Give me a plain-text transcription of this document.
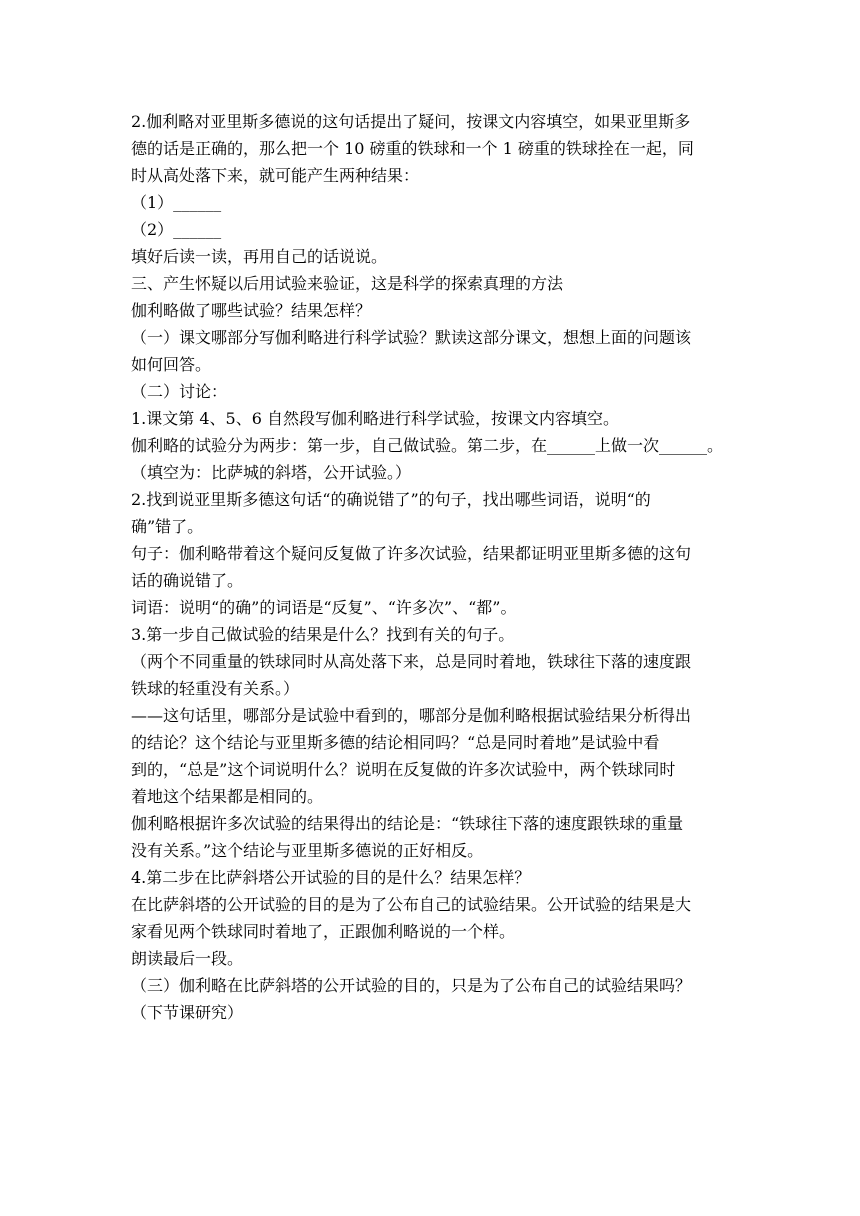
2.伽利略对亚里斯多德说的这句话提出了疑问，按课文内容填空，如果亚里斯多
德的话是正确的，那么把一个 10 磅重的铁球和一个 1 磅重的铁球拴在一起，同
时从高处落下来，就可能产生两种结果：
（1）______
（2）______
填好后读一读，再用自己的话说说。
三、产生怀疑以后用试验来验证，这是科学的探索真理的方法
伽利略做了哪些试验？结果怎样？
（一）课文哪部分写伽利略进行科学试验？默读这部分课文，想想上面的问题该
如何回答。
（二）讨论：
1.课文第 4、5、6 自然段写伽利略进行科学试验，按课文内容填空。
伽利略的试验分为两步：第一步，自己做试验。第二步，在______上做一次______。
（填空为：比萨城的斜塔，公开试验。）
2.找到说亚里斯多德这句话“的确说错了”的句子，找出哪些词语，说明“的
确”错了。
句子：伽利略带着这个疑问反复做了许多次试验，结果都证明亚里斯多德的这句
话的确说错了。
词语：说明“的确”的词语是“反复”、“许多次”、“都”。
3.第一步自己做试验的结果是什么？找到有关的句子。
（两个不同重量的铁球同时从高处落下来，总是同时着地，铁球往下落的速度跟
铁球的轻重没有关系。）
——这句话里，哪部分是试验中看到的，哪部分是伽利略根据试验结果分析得出
的结论？这个结论与亚里斯多德的结论相同吗？“总是同时着地”是试验中看
到的，“总是”这个词说明什么？说明在反复做的许多次试验中，两个铁球同时
着地这个结果都是相同的。
伽利略根据许多次试验的结果得出的结论是：“铁球往下落的速度跟铁球的重量
没有关系。”这个结论与亚里斯多德说的正好相反。
4.第二步在比萨斜塔公开试验的目的是什么？结果怎样？
在比萨斜塔的公开试验的目的是为了公布自己的试验结果。公开试验的结果是大
家看见两个铁球同时着地了，正跟伽利略说的一个样。
朗读最后一段。
（三）伽利略在比萨斜塔的公开试验的目的，只是为了公布自己的试验结果吗？
（下节课研究）
